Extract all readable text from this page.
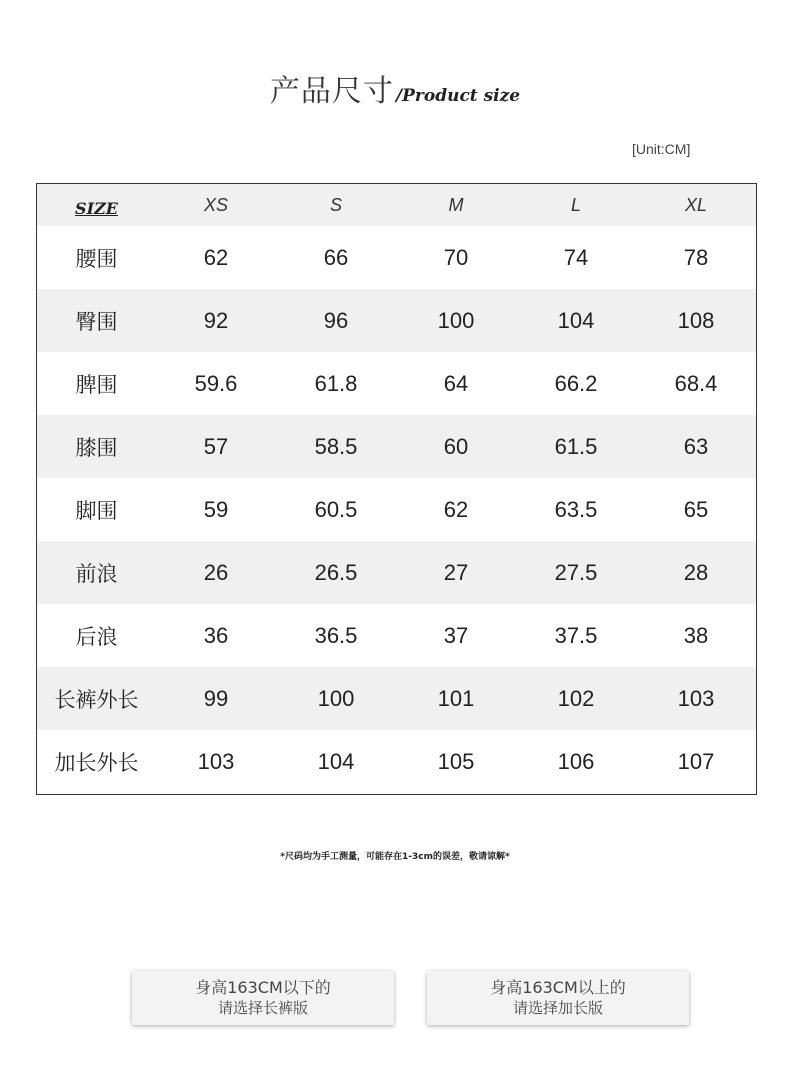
产品尺寸 /Product size
[Unit:CM]
SIZE	XS	S	M	L	XL
腰围	62	66	70	74	78
臀围	92	96	100	104	108
脾围	59.6	61.8	64	66.2	68.4
膝围	57	58.5	60	61.5	63
脚围	59	60.5	62	63.5	65
前浪	26	26.5	27	27.5	28
后浪	36	36.5	37	37.5	38
长裤外长	99	100	101	102	103
加长外长	103	104	105	106	107
*尺码均为手工测量，可能存在1-3cm的误差，敬请谅解*
身高163CM以下的
请选择长裤版
身高163CM以上的
请选择加长版
